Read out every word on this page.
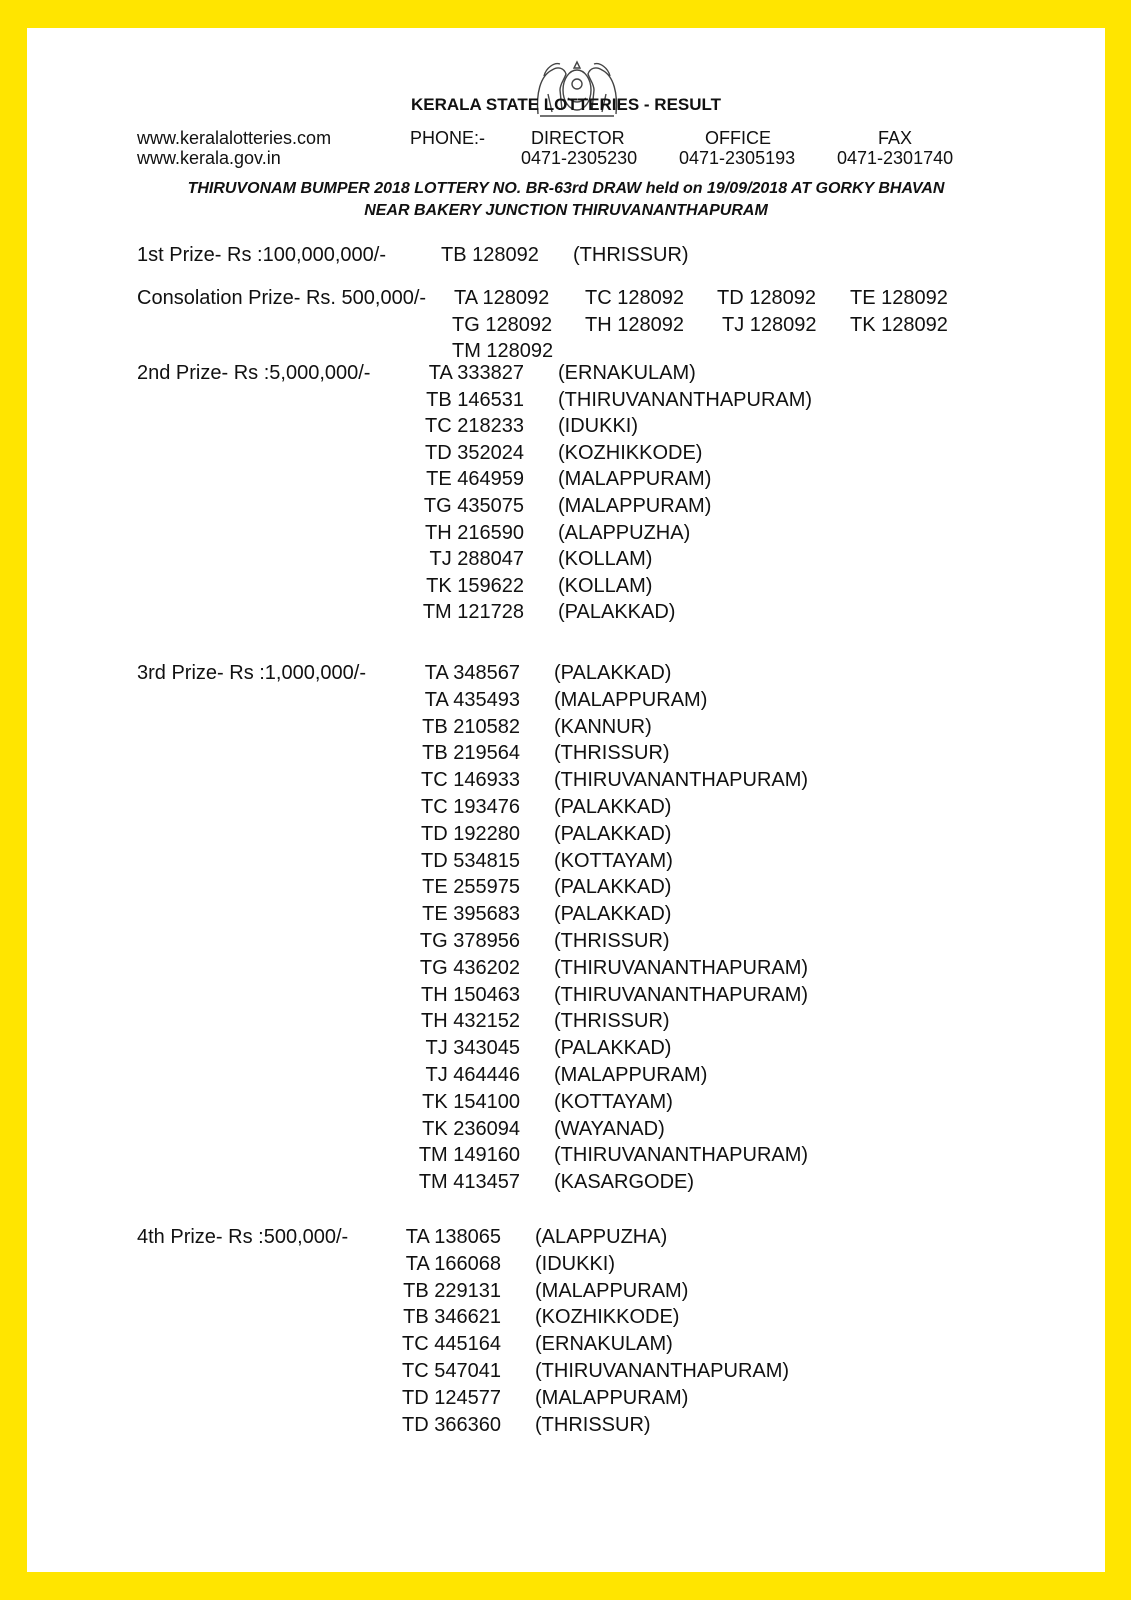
KERALA STATE LOTTERIES - RESULT
www.keralalotteries.com
www.kerala.gov.in
PHONE:-	DIRECTOR
0471-2305230
OFFICE
0471-2305193
FAX
0471-2301740
THIRUVONAM BUMPER 2018 LOTTERY NO. BR-63rd DRAW held on 19/09/2018 AT GORKY BHAVAN
NEAR BAKERY JUNCTION THIRUVANANTHAPURAM
1st Prize- Rs :100,000,000/-	TB 128092 (THRISSUR)
Consolation Prize- Rs. 500,000/- TA 128092 TC 128092 TD 128092 TE 128092
TG 128092 TH 128092 TJ 128092 TK 128092
TM 128092
2nd Prize- Rs :5,000,000/-
3rd Prize- Rs :1,000,000/-
4th Prize- Rs :500,000/-
TA 333827 (ERNAKULAM)
TB 146531 (THIRUVANANTHAPURAM)
TC 218233 (IDUKKI)
TD 352024 (KOZHIKKODE)
TE 464959 (MALAPPURAM)
TG 435075 (MALAPPURAM)
TH 216590 (ALAPPUZHA)
TJ 288047 (KOLLAM)
TK 159622 (KOLLAM)
TM 121728 (PALAKKAD)
TA 348567 (PALAKKAD)
TA 435493 (MALAPPURAM)
TB 210582 (KANNUR)
TB 219564 (THRISSUR)
TC 146933 (THIRUVANANTHAPURAM)
TC 193476 (PALAKKAD)
TD 192280 (PALAKKAD)
TD 534815 (KOTTAYAM)
TE 255975 (PALAKKAD)
TE 395683 (PALAKKAD)
TG 378956 (THRISSUR)
TG 436202 (THIRUVANANTHAPURAM)
TH 150463 (THIRUVANANTHAPURAM)
TH 432152 (THRISSUR)
TJ 343045 (PALAKKAD)
TJ 464446 (MALAPPURAM)
TK 154100 (KOTTAYAM)
TK 236094 (WAYANAD)
TM 149160 (THIRUVANANTHAPURAM)
TM 413457 (KASARGODE)
TA 138065 (ALAPPUZHA)
TA 166068 (IDUKKI)
TB 229131 (MALAPPURAM)
TB 346621 (KOZHIKKODE)
TC 445164 (ERNAKULAM)
TC 547041 (THIRUVANANTHAPURAM)
TD 124577 (MALAPPURAM)
TD 366360 (THRISSUR)
